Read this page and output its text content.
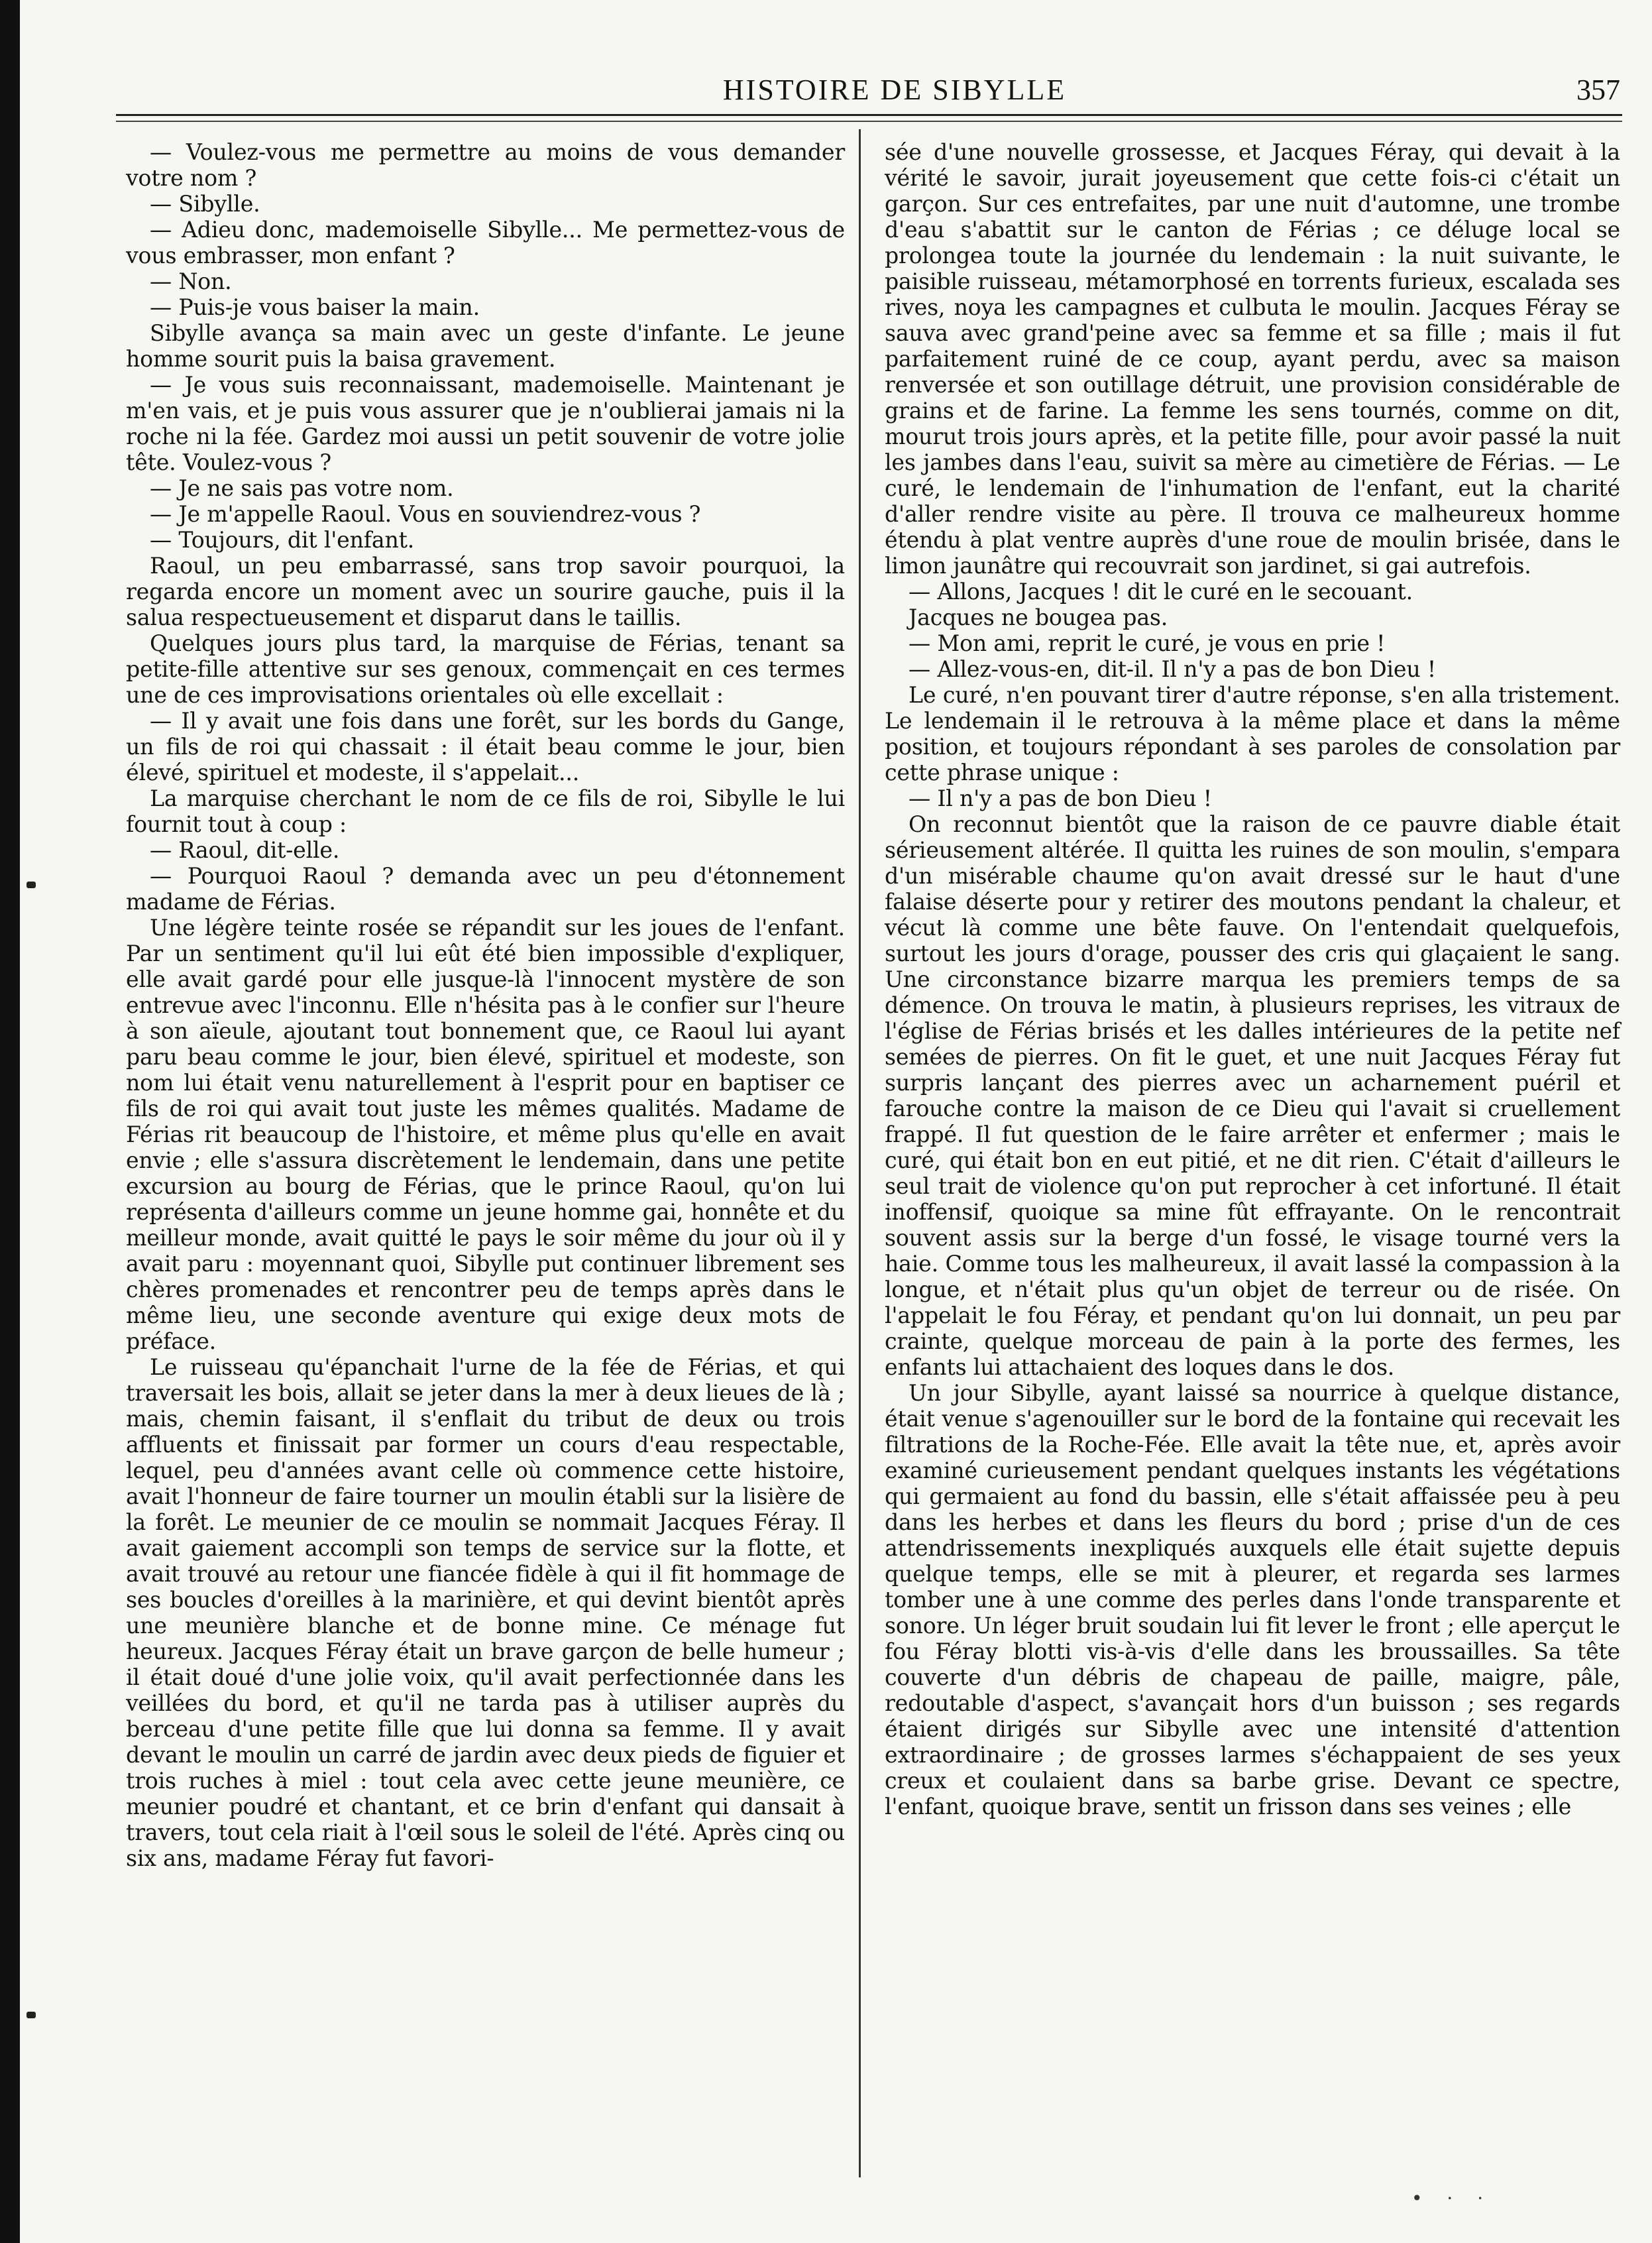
HISTOIRE DE SIBYLLE	357

— Voulez-vous me permettre au moins de vous demander votre nom ?

— Sibylle.

— Adieu donc, mademoiselle Sibylle... Me permettez-vous de vous embrasser, mon enfant ?

— Non.

— Puis-je vous baiser la main.

Sibylle avança sa main avec un geste d'infante. Le jeune homme sourit puis la baisa gravement.

— Je vous suis reconnaissant, mademoiselle. Maintenant je m'en vais, et je puis vous assurer que je n'oublierai jamais ni la roche ni la fée. Gardez moi aussi un petit souvenir de votre jolie tête. Voulez-vous ?

— Je ne sais pas votre nom.

— Je m'appelle Raoul. Vous en souviendrez-vous ?

— Toujours, dit l'enfant.

Raoul, un peu embarrassé, sans trop savoir pourquoi, la regarda encore un moment avec un sourire gauche, puis il la salua respectueusement et disparut dans le taillis.

Quelques jours plus tard, la marquise de Férias, tenant sa petite-fille attentive sur ses genoux, commençait en ces termes une de ces improvisations orientales où elle excellait :

— Il y avait une fois dans une forêt, sur les bords du Gange, un fils de roi qui chassait : il était beau comme le jour, bien élevé, spirituel et modeste, il s'appelait...

La marquise cherchant le nom de ce fils de roi, Sibylle le lui fournit tout à coup :

— Raoul, dit-elle.

— Pourquoi Raoul ? demanda avec un peu d'étonnement madame de Férias.

Une légère teinte rosée se répandit sur les joues de l'enfant. Par un sentiment qu'il lui eût été bien impossible d'expliquer, elle avait gardé pour elle jusque-là l'innocent mystère de son entrevue avec l'inconnu. Elle n'hésita pas à le confier sur l'heure à son aïeule, ajoutant tout bonnement que, ce Raoul lui ayant paru beau comme le jour, bien élevé, spirituel et modeste, son nom lui était venu naturellement à l'esprit pour en baptiser ce fils de roi qui avait tout juste les mêmes qualités. Madame de Férias rit beaucoup de l'histoire, et même plus qu'elle en avait envie ; elle s'assura discrètement le lendemain, dans une petite excursion au bourg de Férias, que le prince Raoul, qu'on lui représenta d'ailleurs comme un jeune homme gai, honnête et du meilleur monde, avait quitté le pays le soir même du jour où il y avait paru : moyennant quoi, Sibylle put continuer librement ses chères promenades et rencontrer peu de temps après dans le même lieu, une seconde aventure qui exige deux mots de préface.

Le ruisseau qu'épanchait l'urne de la fée de Férias, et qui traversait les bois, allait se jeter dans la mer à deux lieues de là ; mais, chemin faisant, il s'enflait du tribut de deux ou trois affluents et finissait par former un cours d'eau respectable, lequel, peu d'années avant celle où commence cette histoire, avait l'honneur de faire tourner un moulin établi sur la lisière de la forêt. Le meunier de ce moulin se nommait Jacques Féray. Il avait gaiement accompli son temps de service sur la flotte, et avait trouvé au retour une fiancée fidèle à qui il fit hommage de ses boucles d'oreilles à la marinière, et qui devint bientôt après une meunière blanche et de bonne mine. Ce ménage fut heureux. Jacques Féray était un brave garçon de belle humeur ; il était doué d'une jolie voix, qu'il avait perfectionnée dans les veillées du bord, et qu'il ne tarda pas à utiliser auprès du berceau d'une petite fille que lui donna sa femme. Il y avait devant le moulin un carré de jardin avec deux pieds de figuier et trois ruches à miel : tout cela avec cette jeune meunière, ce meunier poudré et chantant, et ce brin d'enfant qui dansait à travers, tout cela riait à l'œil sous le soleil de l'été. Après cinq ou six ans, madame Féray fut favori-

sée d'une nouvelle grossesse, et Jacques Féray, qui devait à la vérité le savoir, jurait joyeusement que cette fois-ci c'était un garçon. Sur ces entrefaites, par une nuit d'automne, une trombe d'eau s'abattit sur le canton de Férias ; ce déluge local se prolongea toute la journée du lendemain : la nuit suivante, le paisible ruisseau, métamorphosé en torrents furieux, escalada ses rives, noya les campagnes et culbuta le moulin. Jacques Féray se sauva avec grand'peine avec sa femme et sa fille ; mais il fut parfaitement ruiné de ce coup, ayant perdu, avec sa maison renversée et son outillage détruit, une provision considérable de grains et de farine. La femme les sens tournés, comme on dit, mourut trois jours après, et la petite fille, pour avoir passé la nuit les jambes dans l'eau, suivit sa mère au cimetière de Férias. — Le curé, le lendemain de l'inhumation de l'enfant, eut la charité d'aller rendre visite au père. Il trouva ce malheureux homme étendu à plat ventre auprès d'une roue de moulin brisée, dans le limon jaunâtre qui recouvrait son jardinet, si gai autrefois.

— Allons, Jacques ! dit le curé en le secouant.

Jacques ne bougea pas.

— Mon ami, reprit le curé, je vous en prie !

— Allez-vous-en, dit-il. Il n'y a pas de bon Dieu !

Le curé, n'en pouvant tirer d'autre réponse, s'en alla tristement. Le lendemain il le retrouva à la même place et dans la même position, et toujours répondant à ses paroles de consolation par cette phrase unique :

— Il n'y a pas de bon Dieu !

On reconnut bientôt que la raison de ce pauvre diable était sérieusement altérée. Il quitta les ruines de son moulin, s'empara d'un misérable chaume qu'on avait dressé sur le haut d'une falaise déserte pour y retirer des moutons pendant la chaleur, et vécut là comme une bête fauve. On l'entendait quelquefois, surtout les jours d'orage, pousser des cris qui glaçaient le sang. Une circonstance bizarre marqua les premiers temps de sa démence. On trouva le matin, à plusieurs reprises, les vitraux de l'église de Férias brisés et les dalles intérieures de la petite nef semées de pierres. On fit le guet, et une nuit Jacques Féray fut surpris lançant des pierres avec un acharnement puéril et farouche contre la maison de ce Dieu qui l'avait si cruellement frappé. Il fut question de le faire arrêter et enfermer ; mais le curé, qui était bon en eut pitié, et ne dit rien. C'était d'ailleurs le seul trait de violence qu'on put reprocher à cet infortuné. Il était inoffensif, quoique sa mine fût effrayante. On le rencontrait souvent assis sur la berge d'un fossé, le visage tourné vers la haie. Comme tous les malheureux, il avait lassé la compassion à la longue, et n'était plus qu'un objet de terreur ou de risée. On l'appelait le fou Féray, et pendant qu'on lui donnait, un peu par crainte, quelque morceau de pain à la porte des fermes, les enfants lui attachaient des loques dans le dos.

Un jour Sibylle, ayant laissé sa nourrice à quelque distance, était venue s'agenouiller sur le bord de la fontaine qui recevait les filtrations de la Roche-Fée. Elle avait la tête nue, et, après avoir examiné curieusement pendant quelques instants les végétations qui germaient au fond du bassin, elle s'était affaissée peu à peu dans les herbes et dans les fleurs du bord ; prise d'un de ces attendrissements inexpliqués auxquels elle était sujette depuis quelque temps, elle se mit à pleurer, et regarda ses larmes tomber une à une comme des perles dans l'onde transparente et sonore. Un léger bruit soudain lui fit lever le front ; elle aperçut le fou Féray blotti vis-à-vis d'elle dans les broussailles. Sa tête couverte d'un débris de chapeau de paille, maigre, pâle, redoutable d'aspect, s'avançait hors d'un buisson ; ses regards étaient dirigés sur Sibylle avec une intensité d'attention extraordinaire ; de grosses larmes s'échappaient de ses yeux creux et coulaient dans sa barbe grise. Devant ce spectre, l'enfant, quoique brave, sentit un frisson dans ses veines ; elle

• · ·
